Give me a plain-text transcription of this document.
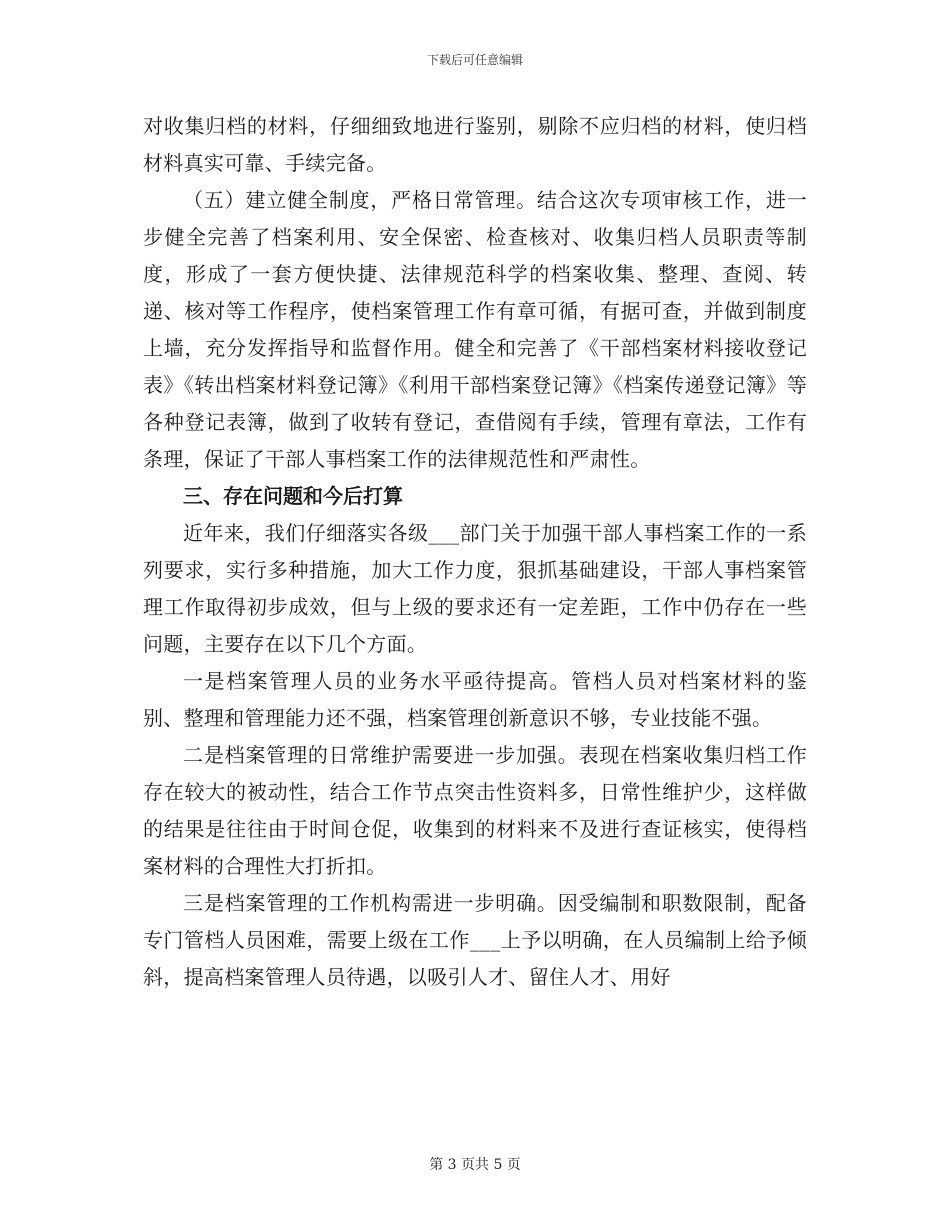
下载后可任意编辑

对收集归档的材料，仔细细致地进行鉴别，剔除不应归档的材料，使归档材料真实可靠、手续完备。

（五）建立健全制度，严格日常管理。结合这次专项审核工作，进一步健全完善了档案利用、安全保密、检查核对、收集归档人员职责等制度，形成了一套方便快捷、法律规范科学的档案收集、整理、查阅、转递、核对等工作程序，使档案管理工作有章可循，有据可查，并做到制度上墙，充分发挥指导和监督作用。健全和完善了《干部档案材料接收登记表》《转出档案材料登记簿》《利用干部档案登记簿》《档案传递登记簿》等各种登记表簿，做到了收转有登记，查借阅有手续，管理有章法，工作有条理，保证了干部人事档案工作的法律规范性和严肃性。

三、存在问题和今后打算

近年来，我们仔细落实各级___部门关于加强干部人事档案工作的一系列要求，实行多种措施，加大工作力度，狠抓基础建设，干部人事档案管理工作取得初步成效，但与上级的要求还有一定差距，工作中仍存在一些问题，主要存在以下几个方面。

一是档案管理人员的业务水平亟待提高。管档人员对档案材料的鉴别、整理和管理能力还不强，档案管理创新意识不够，专业技能不强。

二是档案管理的日常维护需要进一步加强。表现在档案收集归档工作存在较大的被动性，结合工作节点突击性资料多，日常性维护少，这样做的结果是往往由于时间仓促，收集到的材料来不及进行查证核实，使得档案材料的合理性大打折扣。

三是档案管理的工作机构需进一步明确。因受编制和职数限制，配备专门管档人员困难，需要上级在工作___上予以明确，在人员编制上给予倾斜，提高档案管理人员待遇，以吸引人才、留住人才、用好

第 3 页共 5 页
